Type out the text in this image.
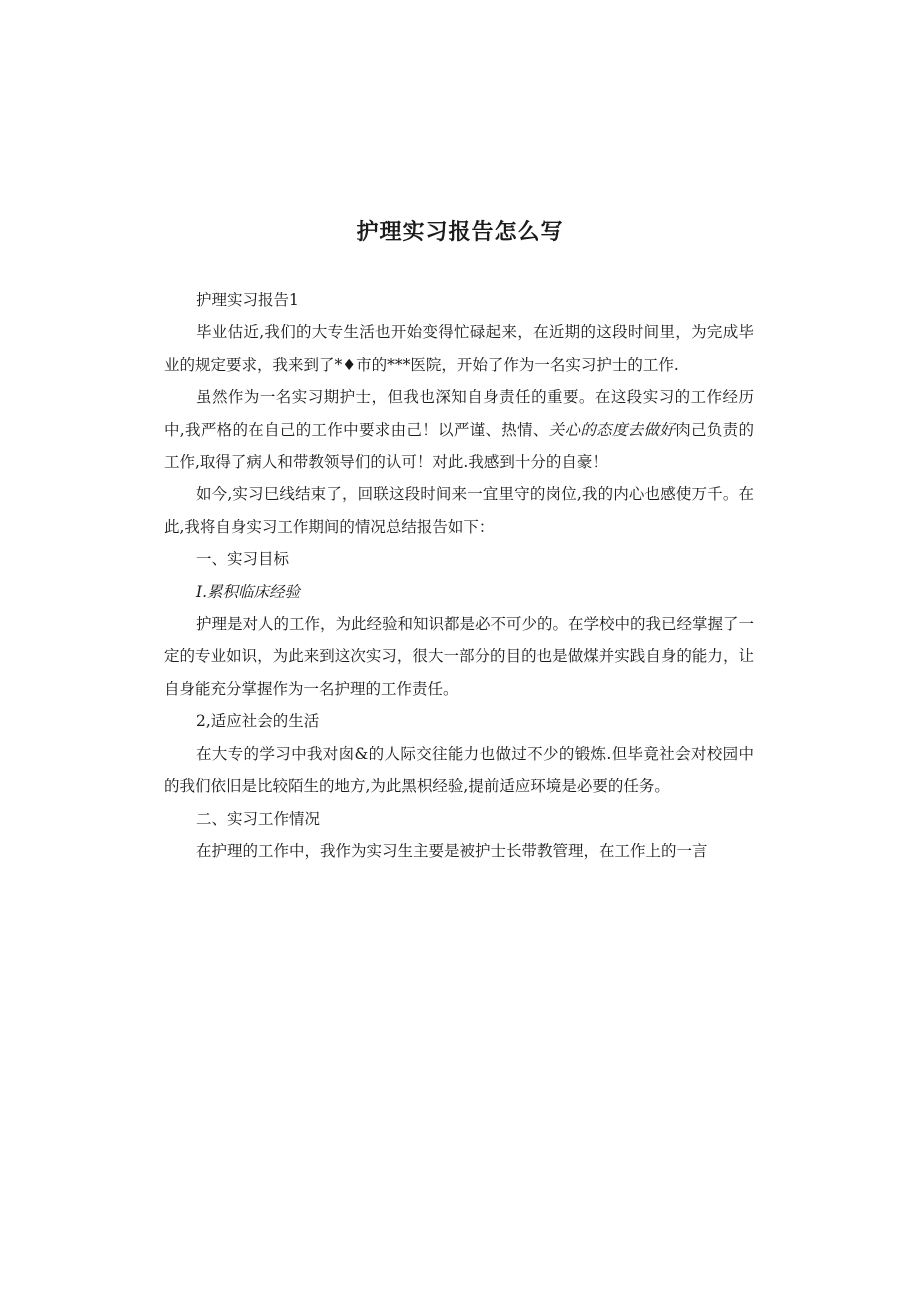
护理实习报告怎么写

护理实习报告1

毕业估近,我们的大专生活也开始变得忙碌起来，在近期的这段时间里，为完成毕业的规定要求，我来到了*♦市的***医院，开始了作为一名实习护士的工作.

虽然作为一名实习期护士，但我也深知自身责任的重要。在这段实习的工作经历中,我严格的在自己的工作中要求由己！以严谨、热情、关心的态度去做好肉己负责的工作,取得了病人和带教领导们的认可！对此.我感到十分的自豪！

如今,实习巳线结束了，回联这段时间来一宜里守的岗位,我的内心也感使万千。在此,我将自身实习工作期间的情况总结报告如下：

一、实习目标

I.累积临床经验

护理是对人的工作，为此经验和知识都是必不可少的。在学校中的我已经掌握了一定的专业如识，为此来到这次实习，很大一部分的目的也是做煤并实践自身的能力，让自身能充分掌握作为一名护理的工作责任。

2,适应社会的生活

在大专的学习中我对囱&的人际交往能力也做过不少的锻炼.但毕竟社会对校园中的我们依旧是比较陌生的地方,为此黑枳经验,提前适应环境是必要的任务。

二、实习工作情况

在护理的工作中，我作为实习生主要是被护士长带教管理，在工作上的一言
